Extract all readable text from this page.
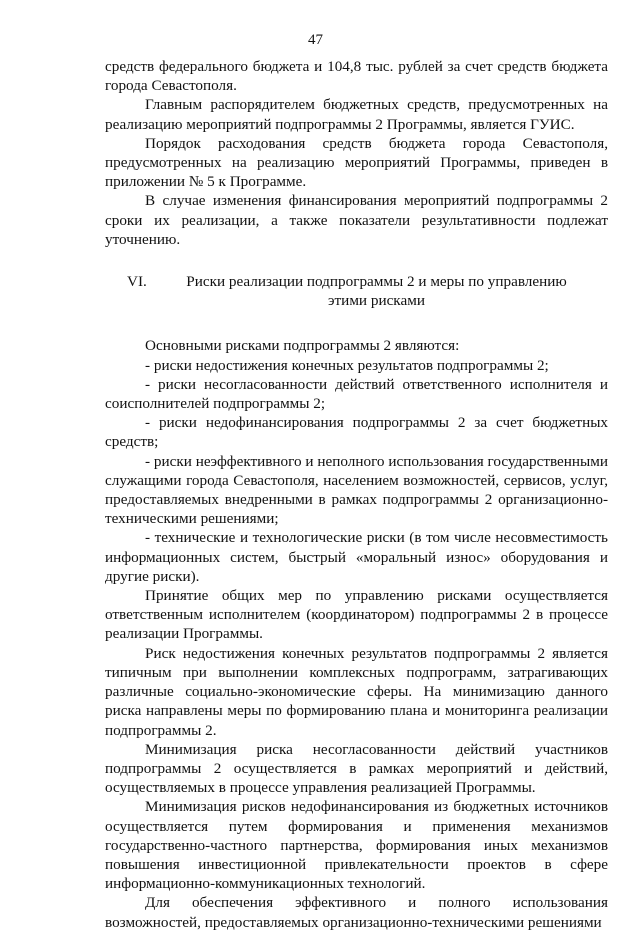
47

средств федерального бюджета и 104,8 тыс. рублей за счет средств бюджета города Севастополя.

Главным распорядителем бюджетных средств, предусмотренных на реализацию мероприятий подпрограммы 2 Программы, является ГУИС.

Порядок расходования средств бюджета города Севастополя, предусмотренных на реализацию мероприятий Программы, приведен в приложении № 5 к Программе.

В случае изменения финансирования мероприятий подпрограммы 2 сроки их реализации, а также показатели результативности подлежат уточнению.

VI.	Риски реализации подпрограммы 2 и меры по управлению этими рисками

Основными рисками подпрограммы 2 являются:

- риски недостижения конечных результатов подпрограммы 2;

- риски несогласованности действий ответственного исполнителя и соисполнителей подпрограммы 2;

- риски недофинансирования подпрограммы 2 за счет бюджетных средств;

- риски неэффективного и неполного использования государственными служащими города Севастополя, населением возможностей, сервисов, услуг, предоставляемых внедренными в рамках подпрограммы 2 организационно-техническими решениями;

- технические и технологические риски (в том числе несовместимость информационных систем, быстрый «моральный износ» оборудования и другие риски).

Принятие общих мер по управлению рисками осуществляется ответственным исполнителем (координатором) подпрограммы 2 в процессе реализации Программы.

Риск недостижения конечных результатов подпрограммы 2 является типичным при выполнении комплексных подпрограмм, затрагивающих различные социально-экономические сферы. На минимизацию данного риска направлены меры по формированию плана и мониторинга реализации подпрограммы 2.

Минимизация риска несогласованности действий участников подпрограммы 2 осуществляется в рамках мероприятий и действий, осуществляемых в процессе управления реализацией Программы.

Минимизация рисков недофинансирования из бюджетных источников осуществляется путем формирования и применения механизмов государственно-частного партнерства, формирования иных механизмов повышения инвестиционной привлекательности проектов в сфере информационно-коммуникационных технологий.

Для обеспечения эффективного и полного использования возможностей, предоставляемых организационно-техническими решениями
